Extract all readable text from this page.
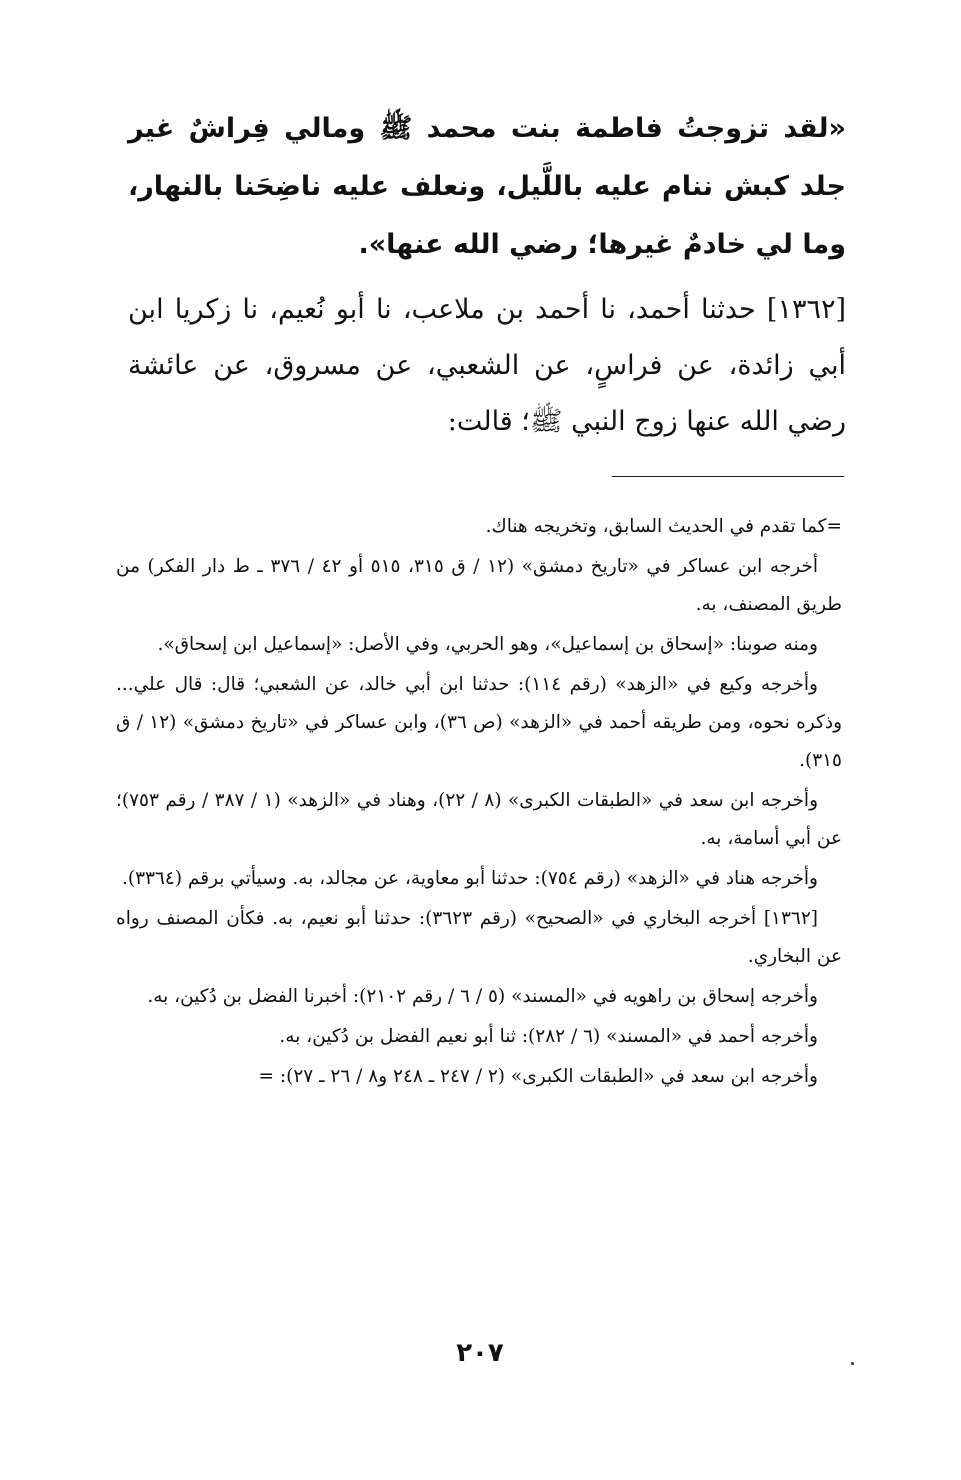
«لقد تزوجتُ فاطمة بنت محمد ﷺ ومالي فِراشٌ غير جلد كبش ننام عليه باللَّيل، ونعلف عليه ناضِحَنا بالنهار، وما لي خادمٌ غيرها؛ رضي الله عنها».

[١٣٦٢] حدثنا أحمد، نا أحمد بن ملاعب، نا أبو نُعيم، نا زكريا ابن أبي زائدة، عن فراسٍ، عن الشعبي، عن مسروق، عن عائشة رضي الله عنها زوج النبي ﷺ؛ قالت:

=كما تقدم في الحديث السابق، وتخريجه هناك.

أخرجه ابن عساكر في «تاريخ دمشق» (١٢ / ق ٣١٥، ٥١٥ أو ٤٢ / ٣٧٦ ـ ط دار الفكر) من طريق المصنف، به.

ومنه صوبنا: «إسحاق بن إسماعيل»، وهو الحربي، وفي الأصل: «إسماعيل ابن إسحاق».

وأخرجه وكيع في «الزهد» (رقم ١١٤): حدثنا ابن أبي خالد، عن الشعبي؛ قال: قال علي... وذكره نحوه، ومن طريقه أحمد في «الزهد» (ص ٣٦)، وابن عساكر في «تاريخ دمشق» (١٢ / ق ٣١٥).

وأخرجه ابن سعد في «الطبقات الكبرى» (٨ / ٢٢)، وهناد في «الزهد» (١ / ٣٨٧ / رقم ٧٥٣)؛ عن أبي أسامة، به.

وأخرجه هناد في «الزهد» (رقم ٧٥٤): حدثنا أبو معاوية، عن مجالد، به. وسيأتي برقم (٣٣٦٤).

[١٣٦٢] أخرجه البخاري في «الصحيح» (رقم ٣٦٢٣): حدثنا أبو نعيم، به. فكأن المصنف رواه عن البخاري.

وأخرجه إسحاق بن راهويه في «المسند» (٥ / ٦ / رقم ٢١٠٢): أخبرنا الفضل بن دُكين، به.

وأخرجه أحمد في «المسند» (٦ / ٢٨٢): ثنا أبو نعيم الفضل بن دُكين، به.

وأخرجه ابن سعد في «الطبقات الكبرى» (٢ / ٢٤٧ ـ ٢٤٨ و٨ / ٢٦ ـ ٢٧): =

٢٠٧
